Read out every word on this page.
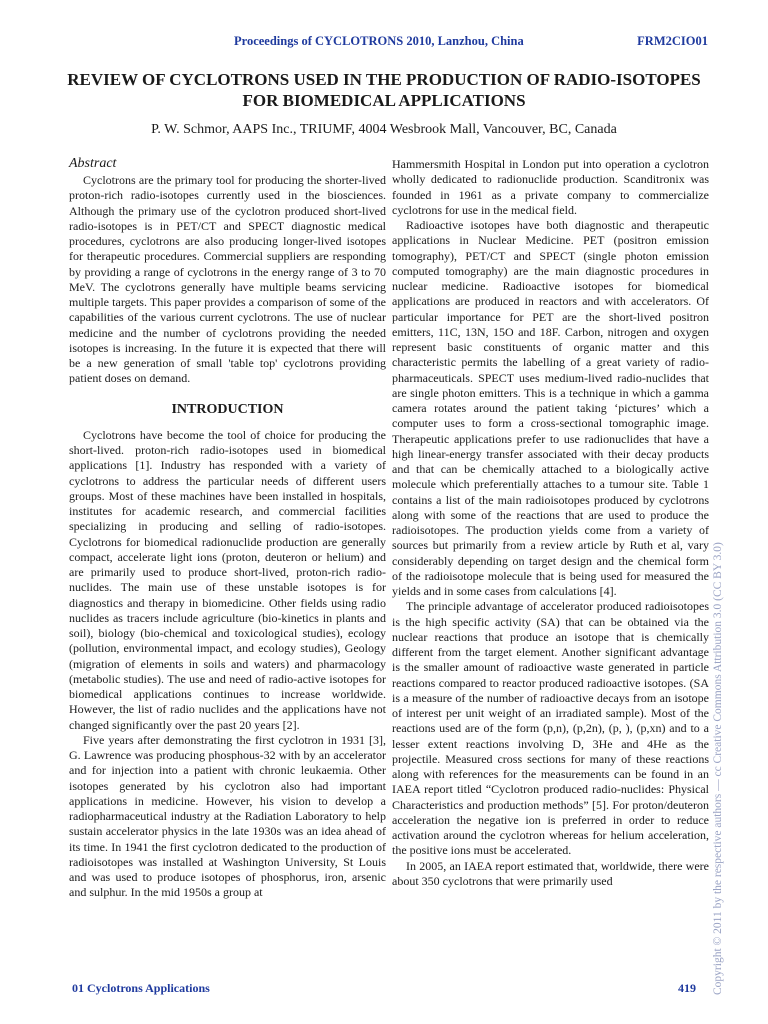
Proceedings of CYCLOTRONS 2010, Lanzhou, China	FRM2CIO01
REVIEW OF CYCLOTRONS USED IN THE PRODUCTION OF RADIO-ISOTOPES FOR BIOMEDICAL APPLICATIONS
P. W. Schmor, AAPS Inc., TRIUMF, 4004 Wesbrook Mall, Vancouver, BC, Canada
Abstract

Cyclotrons are the primary tool for producing the shorter-lived proton-rich radio-isotopes currently used in the biosciences. Although the primary use of the cyclotron produced short-lived radio-isotopes is in PET/CT and SPECT diagnostic medical procedures, cyclotrons are also producing longer-lived isotopes for therapeutic procedures. Commercial suppliers are responding by providing a range of cyclotrons in the energy range of 3 to 70 MeV. The cyclotrons generally have multiple beams servicing multiple targets. This paper provides a comparison of some of the capabilities of the various current cyclotrons. The use of nuclear medicine and the number of cyclotrons providing the needed isotopes is increasing. In the future it is expected that there will be a new generation of small 'table top' cyclotrons providing patient doses on demand.

INTRODUCTION

Cyclotrons have become the tool of choice for producing the short-lived. proton-rich radio-isotopes used in biomedical applications [1]. Industry has responded with a variety of cyclotrons to address the particular needs of different users groups. Most of these machines have been installed in hospitals, institutes for academic research, and commercial facilities specializing in producing and selling of radio-isotopes. Cyclotrons for biomedical radionuclide production are generally compact, accelerate light ions (proton, deuteron or helium) and are primarily used to produce short-lived, proton-rich radio-nuclides. The main use of these unstable isotopes is for diagnostics and therapy in biomedicine. Other fields using radio nuclides as tracers include agriculture (bio-kinetics in plants and soil), biology (bio-chemical and toxicological studies), ecology (pollution, environmental impact, and ecology studies), Geology (migration of elements in soils and waters) and pharmacology (metabolic studies). The use and need of radio-active isotopes for biomedical applications continues to increase worldwide. However, the list of radio nuclides and the applications have not changed significantly over the past 20 years [2].

Five years after demonstrating the first cyclotron in 1931 [3], G. Lawrence was producing phosphous-32 with by an accelerator and for injection into a patient with chronic leukaemia. Other isotopes generated by his cyclotron also had important applications in medicine. However, his vision to develop a radiopharmaceutical industry at the Radiation Laboratory to help sustain accelerator physics in the late 1930s was an idea ahead of its time. In 1941 the first cyclotron dedicated to the production of radioisotopes was installed at Washington University, St Louis and was used to produce isotopes of phosphorus, iron, arsenic and sulphur. In the mid 1950s a group at

Hammersmith Hospital in London put into operation a cyclotron wholly dedicated to radionuclide production. Scanditronix was founded in 1961 as a private company to commercialize cyclotrons for use in the medical field.

Radioactive isotopes have both diagnostic and therapeutic applications in Nuclear Medicine. PET (positron emission tomography), PET/CT and SPECT (single photon emission computed tomography) are the main diagnostic procedures in nuclear medicine. Radioactive isotopes for biomedical applications are produced in reactors and with accelerators. Of particular importance for PET are the short-lived positron emitters, 11C, 13N, 15O and 18F. Carbon, nitrogen and oxygen represent basic constituents of organic matter and this characteristic permits the labelling of a great variety of radio-pharmaceuticals. SPECT uses medium-lived radio-nuclides that are single photon emitters. This is a technique in which a gamma camera rotates around the patient taking ‘pictures’ which a computer uses to form a cross-sectional tomographic image. Therapeutic applications prefer to use radionuclides that have a high linear-energy transfer associated with their decay products and that can be chemically attached to a biologically active molecule which preferentially attaches to a tumour site. Table 1 contains a list of the main radioisotopes produced by cyclotrons along with some of the reactions that are used to produce the radioisotopes. The production yields come from a variety of sources but primarily from a review article by Ruth et al, vary considerably depending on target design and the chemical form of the radioisotope molecule that is being used for measured the yields and in some cases from calculations [4].

The principle advantage of accelerator produced radioisotopes is the high specific activity (SA) that can be obtained via the nuclear reactions that produce an isotope that is chemically different from the target element. Another significant advantage is the smaller amount of radioactive waste generated in particle reactions compared to reactor produced radioactive isotopes. (SA is a measure of the number of radioactive decays from an isotope of interest per unit weight of an irradiated sample). Most of the reactions used are of the form (p,n), (p,2n), (p, ), (p,xn) and to a lesser extent reactions involving D, 3He and 4He as the projectile. Measured cross sections for many of these reactions along with references for the measurements can be found in an IAEA report titled “Cyclotron produced radio-nuclides: Physical Characteristics and production methods” [5]. For proton/deuteron acceleration the negative ion is preferred in order to reduce activation around the cyclotron whereas for helium acceleration, the positive ions must be accelerated.

In 2005, an IAEA report estimated that, worldwide, there were about 350 cyclotrons that were primarily used	Copyright © 2011 by the respective authors — cc Creative Commons Attribution 3.0 (CC BY 3.0)
01 Cyclotrons Applications	419
